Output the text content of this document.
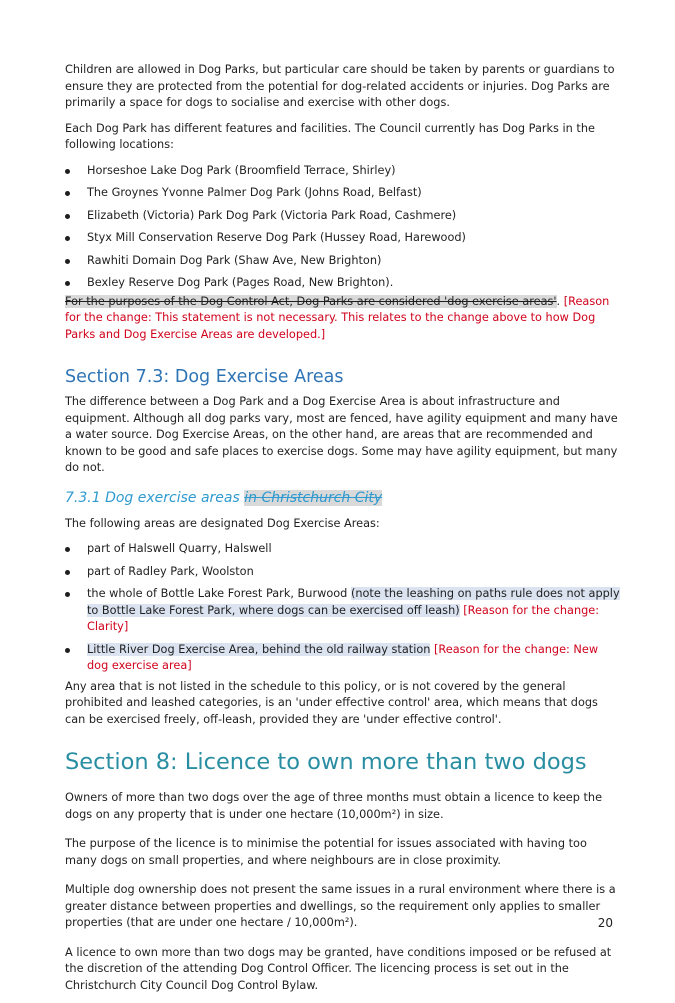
Children are allowed in Dog Parks, but particular care should be taken by parents or guardians to ensure they are protected from the potential for dog-related accidents or injuries. Dog Parks are primarily a space for dogs to socialise and exercise with other dogs.

Each Dog Park has different features and facilities. The Council currently has Dog Parks in the following locations:

Horseshoe Lake Dog Park (Broomfield Terrace, Shirley)
The Groynes Yvonne Palmer Dog Park (Johns Road, Belfast)
Elizabeth (Victoria) Park Dog Park (Victoria Park Road, Cashmere)
Styx Mill Conservation Reserve Dog Park (Hussey Road, Harewood)
Rawhiti Domain Dog Park (Shaw Ave, New Brighton)
Bexley Reserve Dog Park (Pages Road, New Brighton).

For the purposes of the Dog Control Act, Dog Parks are considered 'dog exercise areas'. [Reason for the change: This statement is not necessary. This relates to the change above to how Dog Parks and Dog Exercise Areas are developed.]

Section 7.3: Dog Exercise Areas

The difference between a Dog Park and a Dog Exercise Area is about infrastructure and equipment. Although all dog parks vary, most are fenced, have agility equipment and many have a water source. Dog Exercise Areas, on the other hand, are areas that are recommended and known to be good and safe places to exercise dogs. Some may have agility equipment, but many do not.

7.3.1 Dog exercise areas in Christchurch City

The following areas are designated Dog Exercise Areas:

part of Halswell Quarry, Halswell
part of Radley Park, Woolston
the whole of Bottle Lake Forest Park, Burwood (note the leashing on paths rule does not apply to Bottle Lake Forest Park, where dogs can be exercised off leash) [Reason for the change: Clarity]
Little River Dog Exercise Area, behind the old railway station [Reason for the change: New dog exercise area]

Any area that is not listed in the schedule to this policy, or is not covered by the general prohibited and leashed categories, is an 'under effective control' area, which means that dogs can be exercised freely, off-leash, provided they are 'under effective control'.

Section 8: Licence to own more than two dogs

Owners of more than two dogs over the age of three months must obtain a licence to keep the dogs on any property that is under one hectare (10,000m²) in size.

The purpose of the licence is to minimise the potential for issues associated with having too many dogs on small properties, and where neighbours are in close proximity.

Multiple dog ownership does not present the same issues in a rural environment where there is a greater distance between properties and dwellings, so the requirement only applies to smaller properties (that are under one hectare / 10,000m²).

A licence to own more than two dogs may be granted, have conditions imposed or be refused at the discretion of the attending Dog Control Officer. The licencing process is set out in the Christchurch City Council Dog Control Bylaw.

20
